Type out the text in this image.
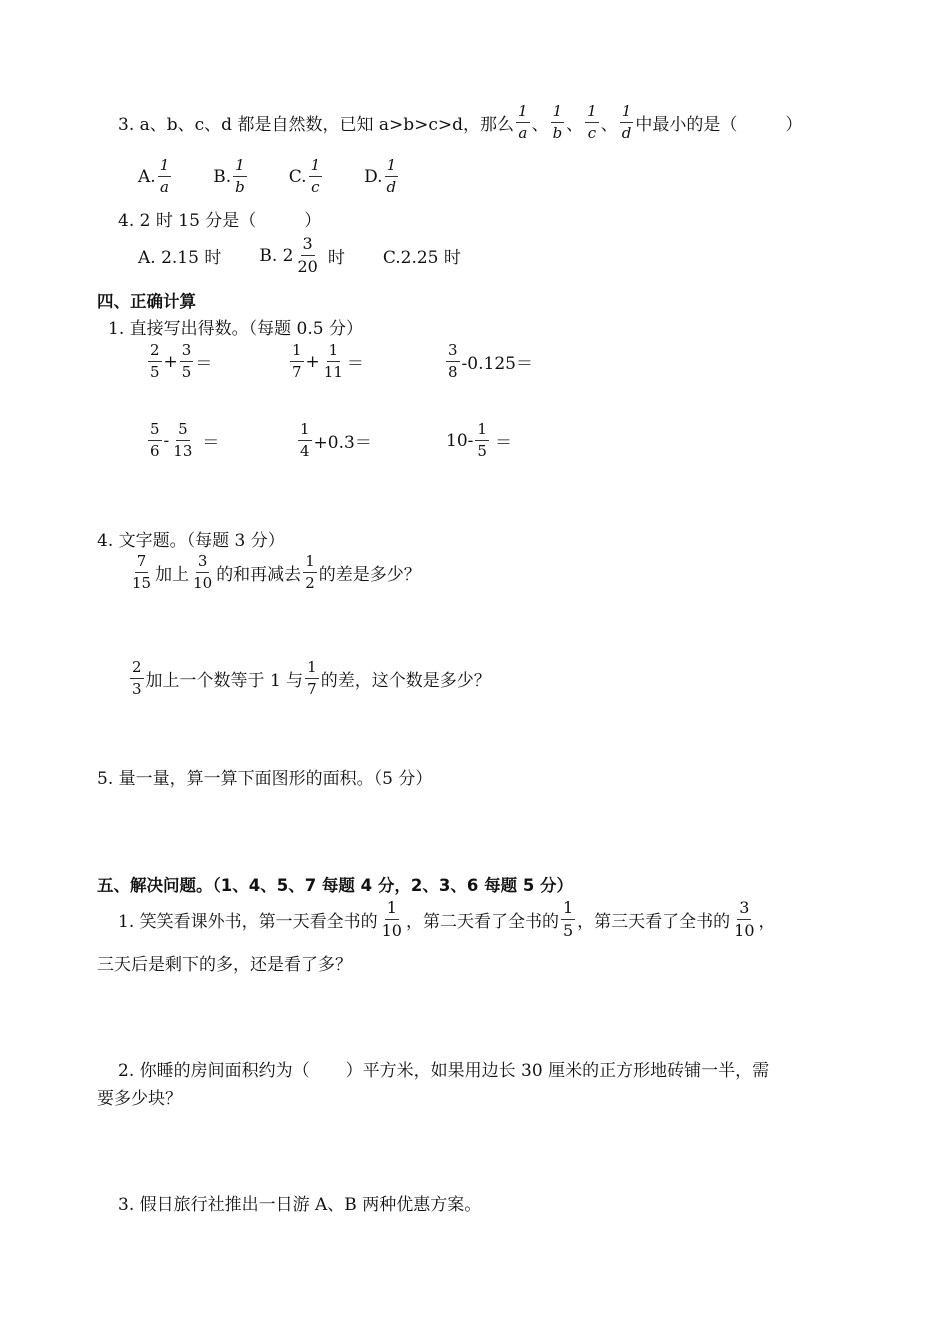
3. a、b、c、d 都是自然数，已知 a>b>c>d，那么 $\frac{1}{a}$ 、 $\frac{1}{b}$ 、 $\frac{1}{c}$ 、 $\frac{1}{d}$ 中最小的是（	）
A. $\frac{1}{a} B$. $\frac{1}{b} C$. $\frac{1}{c} D$. $\frac{1}{d}$
4. 2 时 15 分是（	）
A. 2.15 时 B. $2 \frac{3}{20}$ 时 C.2.25 时
四、正确计算
1. 直接写出得数。（每题 0.5 分）
$\frac{2}{5} + \frac{3}{5}$ ＝	$\frac{1}{7} + \frac{1}{11}$ ＝	$\frac{3}{8} -0.125=$
$\frac{5}{6} - \frac{5}{13}$ ＝	$\frac{1}{4} +0.3=$	$10- \frac{1}{5}$ ＝
4. 文字题。（每题 3 分）
$\frac{7}{15}$ 加上 $\frac{3}{10}$ 的和再减去 $\frac{1}{2}$ 的差是多少？
$\frac{2}{3}$ 加上一个数等于 1 与 $\frac{1}{7}$ 的差，这个数是多少？
5. 量一量，算一算下面图形的面积。（5 分）
五、解决问题。（1、4、5、7 每题 4 分，2、3、6 每题 5 分）
1. 笑笑看课外书，第一天看全书的 $\frac{1}{10}$ ，第二天看了全书的 $\frac{1}{5}$ ，第三天看了全书的 $\frac{3}{10}$ ，
三天后是剩下的多，还是看了多？
2. 你睡的房间面积约为（ ）平方米，如果用边长 30 厘米的正方形地砖铺一半，需
要多少块？
3. 假日旅行社推出一日游 A、B 两种优惠方案。
